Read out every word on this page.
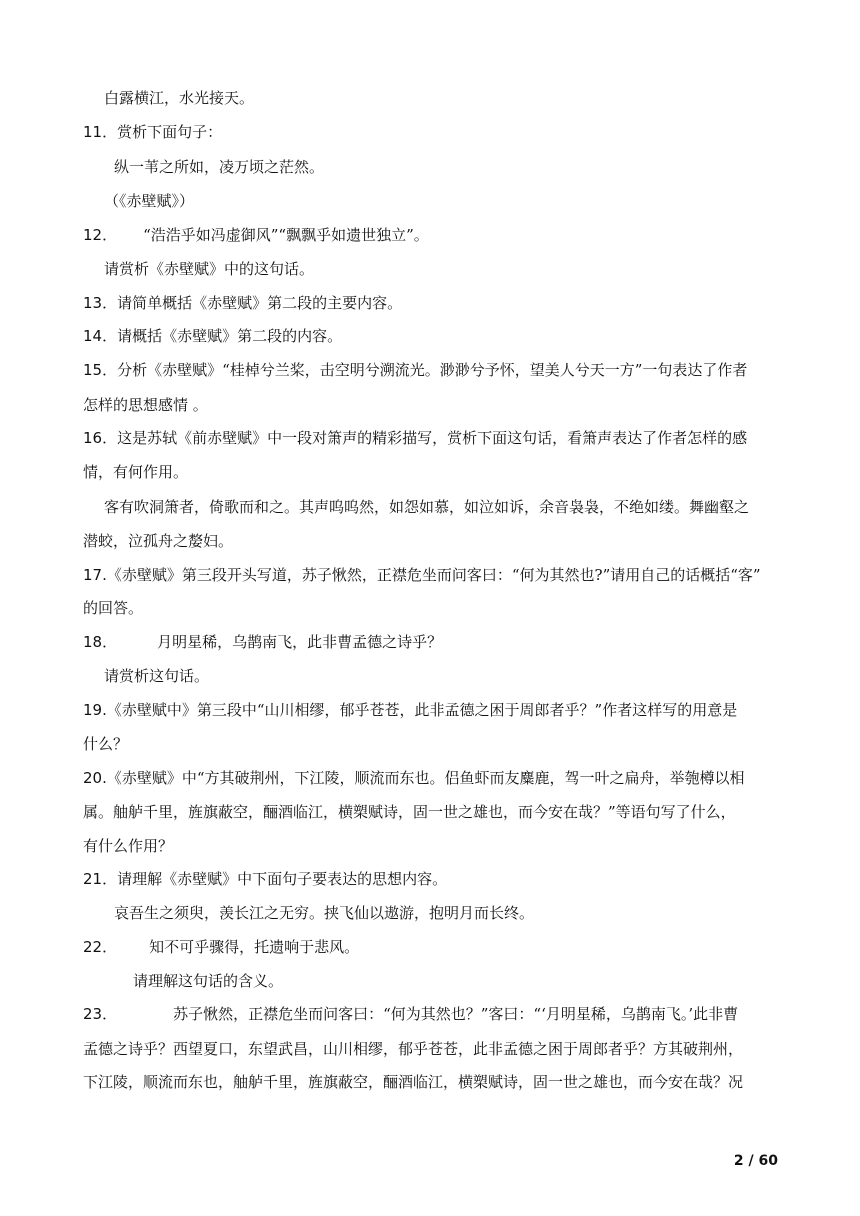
白露横江，水光接天。
11．赏析下面句子：
纵一苇之所如，凌万顷之茫然。
（《赤壁赋》）
12． “浩浩乎如冯虚御风”“飘飘乎如遗世独立”。
请赏析《赤壁赋》中的这句话。
13．请简单概括《赤壁赋》第二段的主要内容。
14．请概括《赤壁赋》第二段的内容。
15．分析《赤壁赋》“桂棹兮兰桨，击空明兮溯流光。渺渺兮予怀，望美人兮天一方”一句表达了作者
怎样的思想感情 。
16．这是苏轼《前赤壁赋》中一段对箫声的精彩描写，赏析下面这句话，看箫声表达了作者怎样的感
情，有何作用。
客有吹洞箫者，倚歌而和之。其声呜呜然，如怨如慕，如泣如诉，余音袅袅，不绝如缕。舞幽壑之
潜蛟，泣孤舟之嫠妇。
17.《赤壁赋》第三段开头写道，苏子愀然，正襟危坐而问客曰：“何为其然也?”请用自己的话概括“客”
的回答。
18．	月明星稀，乌鹊南飞，此非曹孟德之诗乎？
请赏析这句话。
19.《赤壁赋中》第三段中“山川相缪，郁乎苍苍，此非孟德之困于周郎者乎？”作者这样写的用意是
什么？
20.《赤壁赋》中“方其破荆州，下江陵，顺流而东也。侣鱼虾而友麋鹿，驾一叶之扁舟，举匏樽以相
属。舳舻千里，旌旗蔽空，酾酒临江，横槊赋诗，固一世之雄也，而今安在哉？”等语句写了什么，
有什么作用？
21．请理解《赤壁赋》中下面句子要表达的思想内容。
哀吾生之须臾，羡长江之无穷。挟飞仙以遨游，抱明月而长终。
22． 知不可乎骤得，托遗响于悲风。
请理解这句话的含义。
23．	苏子愀然，正襟危坐而问客曰：“何为其然也？”客曰：“‘月明星稀，乌鹊南飞。’此非曹
孟德之诗乎？西望夏口，东望武昌，山川相缪，郁乎苍苍，此非孟德之困于周郎者乎？方其破荆州，
下江陵，顺流而东也，舳舻千里，旌旗蔽空，酾酒临江，横槊赋诗，固一世之雄也，而今安在哉？况
2 / 60
